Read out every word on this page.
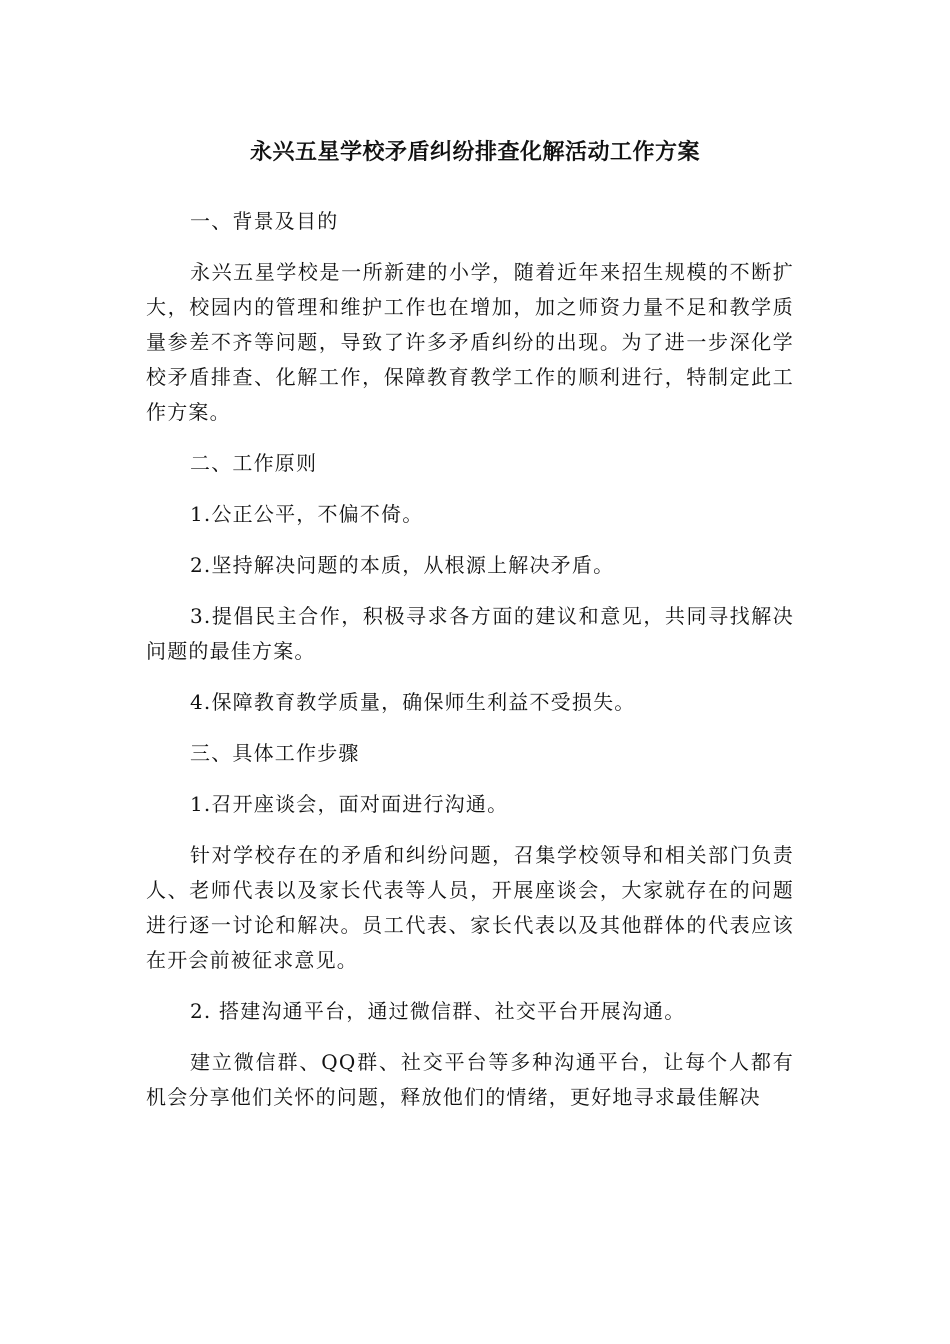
永兴五星学校矛盾纠纷排查化解活动工作方案

一、背景及目的

永兴五星学校是一所新建的小学，随着近年来招生规模的不断扩大，校园内的管理和维护工作也在增加，加之师资力量不足和教学质量参差不齐等问题，导致了许多矛盾纠纷的出现。为了进一步深化学校矛盾排查、化解工作，保障教育教学工作的顺利进行，特制定此工作方案。

二、工作原则

1.公正公平，不偏不倚。

2.坚持解决问题的本质，从根源上解决矛盾。

3.提倡民主合作，积极寻求各方面的建议和意见，共同寻找解决问题的最佳方案。

4.保障教育教学质量，确保师生利益不受损失。

三、具体工作步骤

1.召开座谈会，面对面进行沟通。

针对学校存在的矛盾和纠纷问题，召集学校领导和相关部门负责人、老师代表以及家长代表等人员，开展座谈会，大家就存在的问题进行逐一讨论和解决。员工代表、家长代表以及其他群体的代表应该在开会前被征求意见。

2. 搭建沟通平台，通过微信群、社交平台开展沟通。

建立微信群、QQ群、社交平台等多种沟通平台，让每个人都有机会分享他们关怀的问题，释放他们的情绪，更好地寻求最佳解决
